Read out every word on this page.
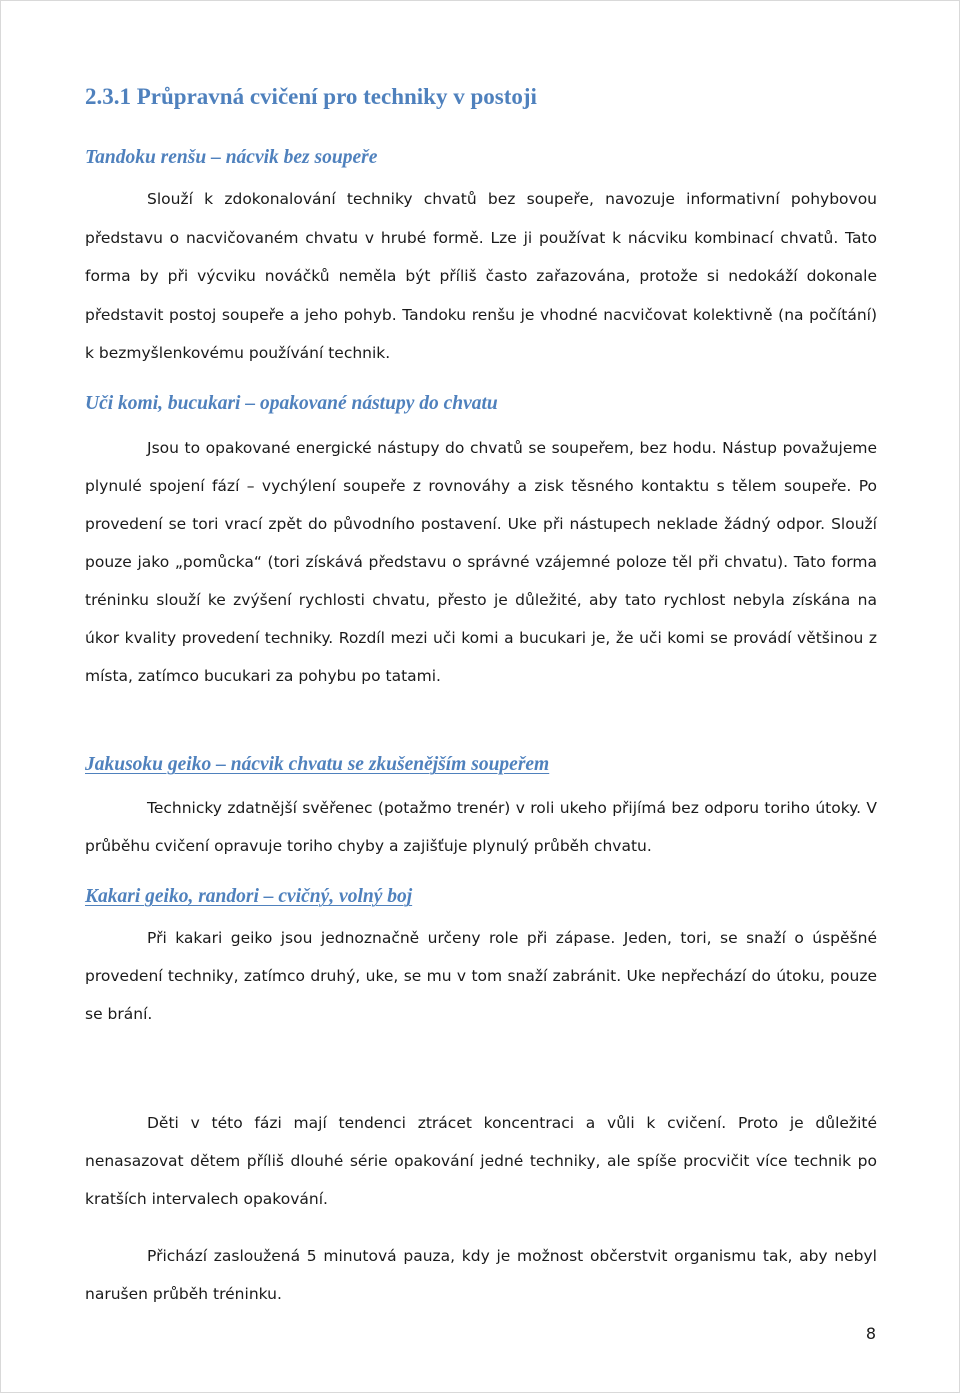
2.3.1 Průpravná cvičení pro techniky v postoji
Tandoku renšu – nácvik bez soupeře

Slouží k zdokonalování techniky chvatů bez soupeře, navozuje informativní pohybovou představu o nacvičovaném chvatu v hrubé formě. Lze ji používat k nácviku kombinací chvatů. Tato forma by při výcviku nováčků neměla být příliš často zařazována, protože si nedokáží dokonale představit postoj soupeře a jeho pohyb. Tandoku renšu je vhodné nacvičovat kolektivně (na počítání) k bezmyšlenkovému používání technik.

Uči komi, bucukari – opakované nástupy do chvatu

Jsou to opakované energické nástupy do chvatů se soupeřem, bez hodu. Nástup považujeme plynulé spojení fází – vychýlení soupeře z rovnováhy a zisk těsného kontaktu s tělem soupeře. Po provedení se tori vrací zpět do původního postavení. Uke při nástupech neklade žádný odpor. Slouží pouze jako „pomůcka“ (tori získává představu o správné vzájemné poloze těl při chvatu). Tato forma tréninku slouží ke zvýšení rychlosti chvatu, přesto je důležité, aby tato rychlost nebyla získána na úkor kvality provedení techniky. Rozdíl mezi uči komi a bucukari je, že uči komi se provádí většinou z místa, zatímco bucukari za pohybu po tatami.

Jakusoku geiko – nácvik chvatu se zkušenějším soupeřem

Technicky zdatnější svěřenec (potažmo trenér) v roli ukeho přijímá bez odporu toriho útoky. V průběhu cvičení opravuje toriho chyby a zajišťuje plynulý průběh chvatu.

Kakari geiko, randori – cvičný, volný boj

Při kakari geiko jsou jednoznačně určeny role při zápase. Jeden, tori, se snaží o úspěšné provedení techniky, zatímco druhý, uke, se mu v tom snaží zabránit. Uke nepřechází do útoku, pouze se brání.

Děti v této fázi mají tendenci ztrácet koncentraci a vůli k cvičení. Proto je důležité nenasazovat dětem příliš dlouhé série opakování jedné techniky, ale spíše procvičit více technik po kratších intervalech opakování.

Přichází zasloužená 5 minutová pauza, kdy je možnost občerstvit organismu tak, aby nebyl narušen průběh tréninku.

8
